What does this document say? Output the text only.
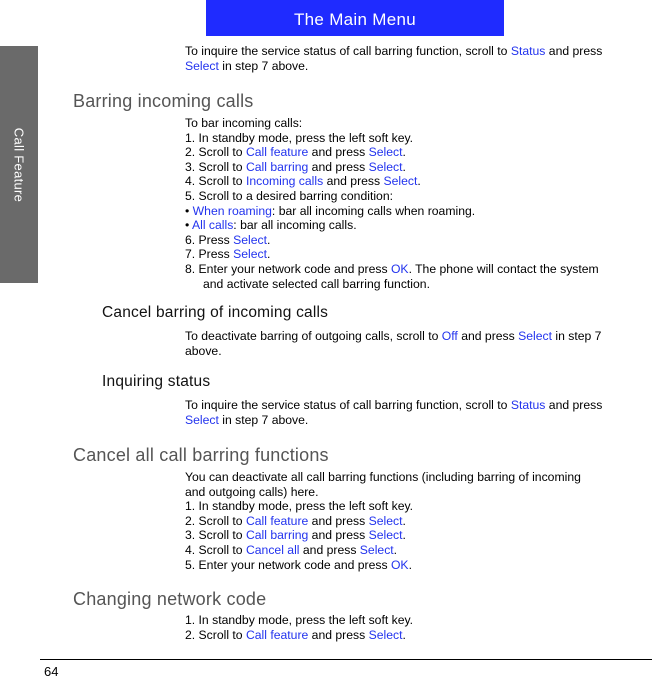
The Main Menu
Call Feature

To inquire the service status of call barring function, scroll to Status and press

Select in step 7 above.

Barring incoming calls

To bar incoming calls:

1. In standby mode, press the left soft key.

2. Scroll to Call feature and press Select.

3. Scroll to Call barring and press Select.

4. Scroll to Incoming calls and press Select.

5. Scroll to a desired barring condition:

• When roaming: bar all incoming calls when roaming.

• All calls: bar all incoming calls.

6. Press Select.

7. Press Select.

8. Enter your network code and press OK. The phone will contact the system

and activate selected call barring function.

Cancel barring of incoming calls

To deactivate barring of outgoing calls, scroll to Off and press Select in step 7

above.

Inquiring status

To inquire the service status of call barring function, scroll to Status and press

Select in step 7 above.

Cancel all call barring functions

You can deactivate all call barring functions (including barring of incoming

and outgoing calls) here.

1. In standby mode, press the left soft key.

2. Scroll to Call feature and press Select.

3. Scroll to Call barring and press Select.

4. Scroll to Cancel all and press Select.

5. Enter your network code and press OK.

Changing network code

1. In standby mode, press the left soft key.

2. Scroll to Call feature and press Select.

64
